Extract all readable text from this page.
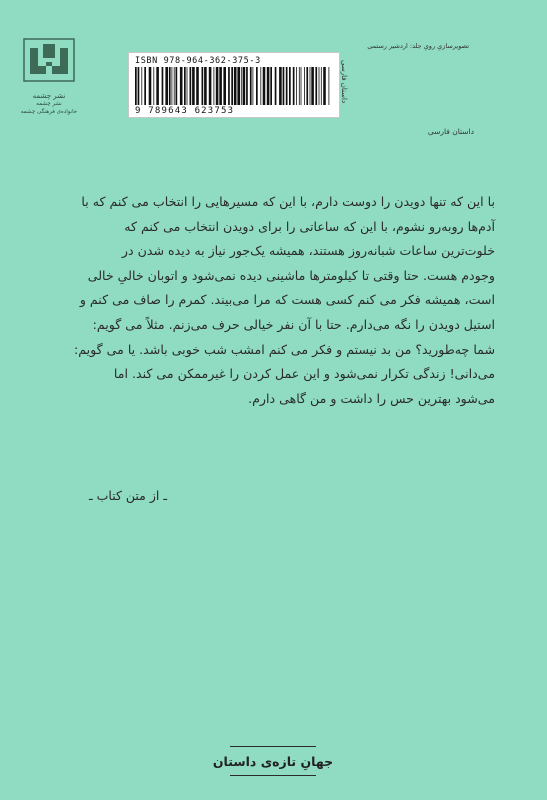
نشر چشمه
نشر چشمه
خانواده‌ی فرهنگی چشمه
تصویرسازیِ رویِ جلد: اردشیر رستمی
ISBN 978-964-362-375-3
9 789643 623753
داستان فارسی
داستان فارسی
با این که تنها دویدن را دوست دارم، با این که مسیرهایی را انتخاب می کنم که با
آدم‌ها روبه‌رو نشوم، با این که ساعاتی را برای دویدن انتخاب می کنم که
خلوت‌ترین ساعات شبانه‌روز هستند، همیشه یک‌جور نیاز به دیده شدن در
وجودم هست. حتا وقتی تا کیلومترها ماشینی دیده نمی‌شود و اتوبان خالیِ خالی
است، همیشه فکر می کنم کسی هست که مرا می‌بیند. کمرم را صاف می کنم و
استیل دویدن را نگه می‌دارم. حتا با آن نفر خیالی حرف می‌زنم. مثلاً می گویم:
شما چه‌طورید؟ من بد نیستم و فکر می کنم امشب شب خوبی باشد. یا می گویم:
می‌دانی! زندگی تکرار نمی‌شود و این عمل کردن را غیرممکن می کند. اما
می‌شود بهترین حس را داشت و من گاهی دارم.
ـ از متن کتاب ـ
جهانِ تازه‌ی داستان
